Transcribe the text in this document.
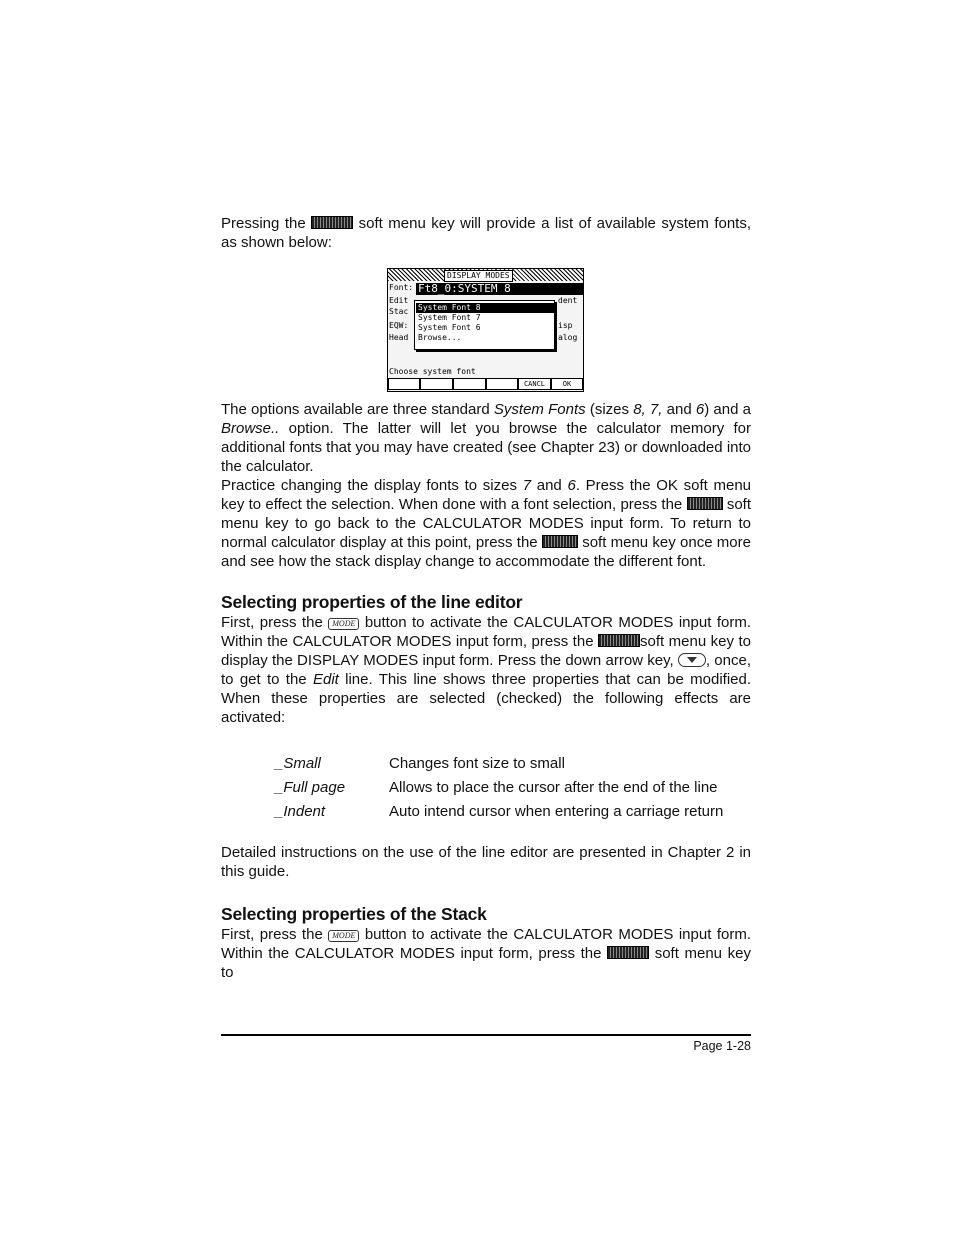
Pressing the	soft menu key will provide a list of available system fonts, as shown below:

DISPLAY MODES
Font: Ft8_0:SYSTEM 8
Edit
Stac
EQW:
Head
dent
isp
alog
System Font 8
System Font 7
System Font 6
Browse...
Choose system font
CANCL	OK

The options available are three standard System Fonts (sizes 8, 7, and 6) and a Browse.. option. The latter will let you browse the calculator memory for additional fonts that you may have created (see Chapter 23) or downloaded into the calculator.

Practice changing the display fonts to sizes 7 and 6. Press the OK soft menu key to effect the selection. When done with a font selection, press the	soft menu key to go back to the CALCULATOR MODES input form. To return to normal calculator display at this point, press the	soft menu key once more and see how the stack display change to accommodate the different font.

Selecting properties of the line editor

First, press the MODE button to activate the CALCULATOR MODES input form. Within the CALCULATOR MODES input form, press the	soft menu key to display the DISPLAY MODES input form. Press the down arrow key, , once, to get to the Edit line. This line shows three properties that can be modified. When these properties are selected (checked) the following effects are activated:

_Small	Changes font size to small
_Full page	Allows to place the cursor after the end of the line
_Indent	Auto intend cursor when entering a carriage return

Detailed instructions on the use of the line editor are presented in Chapter 2 in this guide.

Selecting properties of the Stack

First, press the MODE button to activate the CALCULATOR MODES input form. Within the CALCULATOR MODES input form, press the	soft menu key to

Page 1-28
